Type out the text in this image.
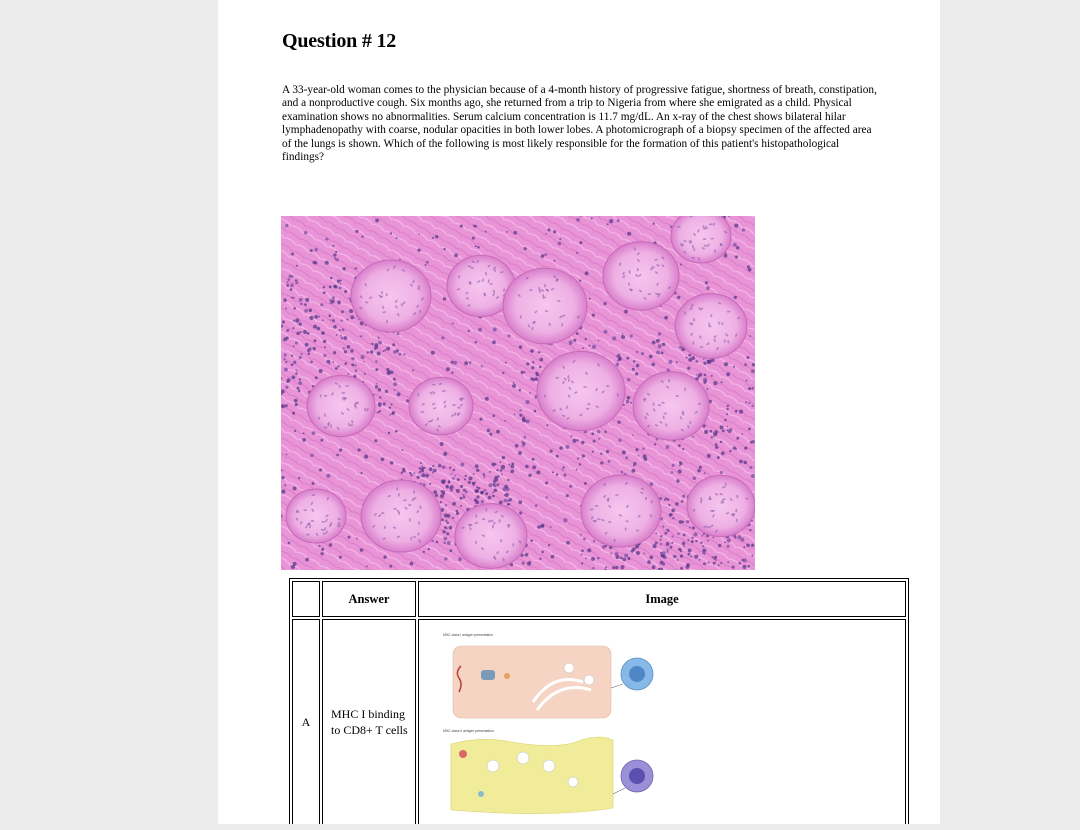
Question # 12
A 33-year-old woman comes to the physician because of a 4-month history of progressive fatigue, shortness of breath, constipation, and a nonproductive cough. Six months ago, she returned from a trip to Nigeria from where she emigrated as a child. Physical examination shows no abnormalities. Serum calcium concentration is 11.7 mg/dL. An x-ray of the chest shows bilateral hilar lymphadenopathy with coarse, nodular opacities in both lower lobes. A photomicrograph of a biopsy specimen of the affected area of the lungs is shown. Which of the following is most likely responsible for the formation of this patient's histopathological findings?
	Answer	Image
A	MHC I binding to CD8+ T cells	MHC class I antigen presentation
MHC class II antigen presentation
